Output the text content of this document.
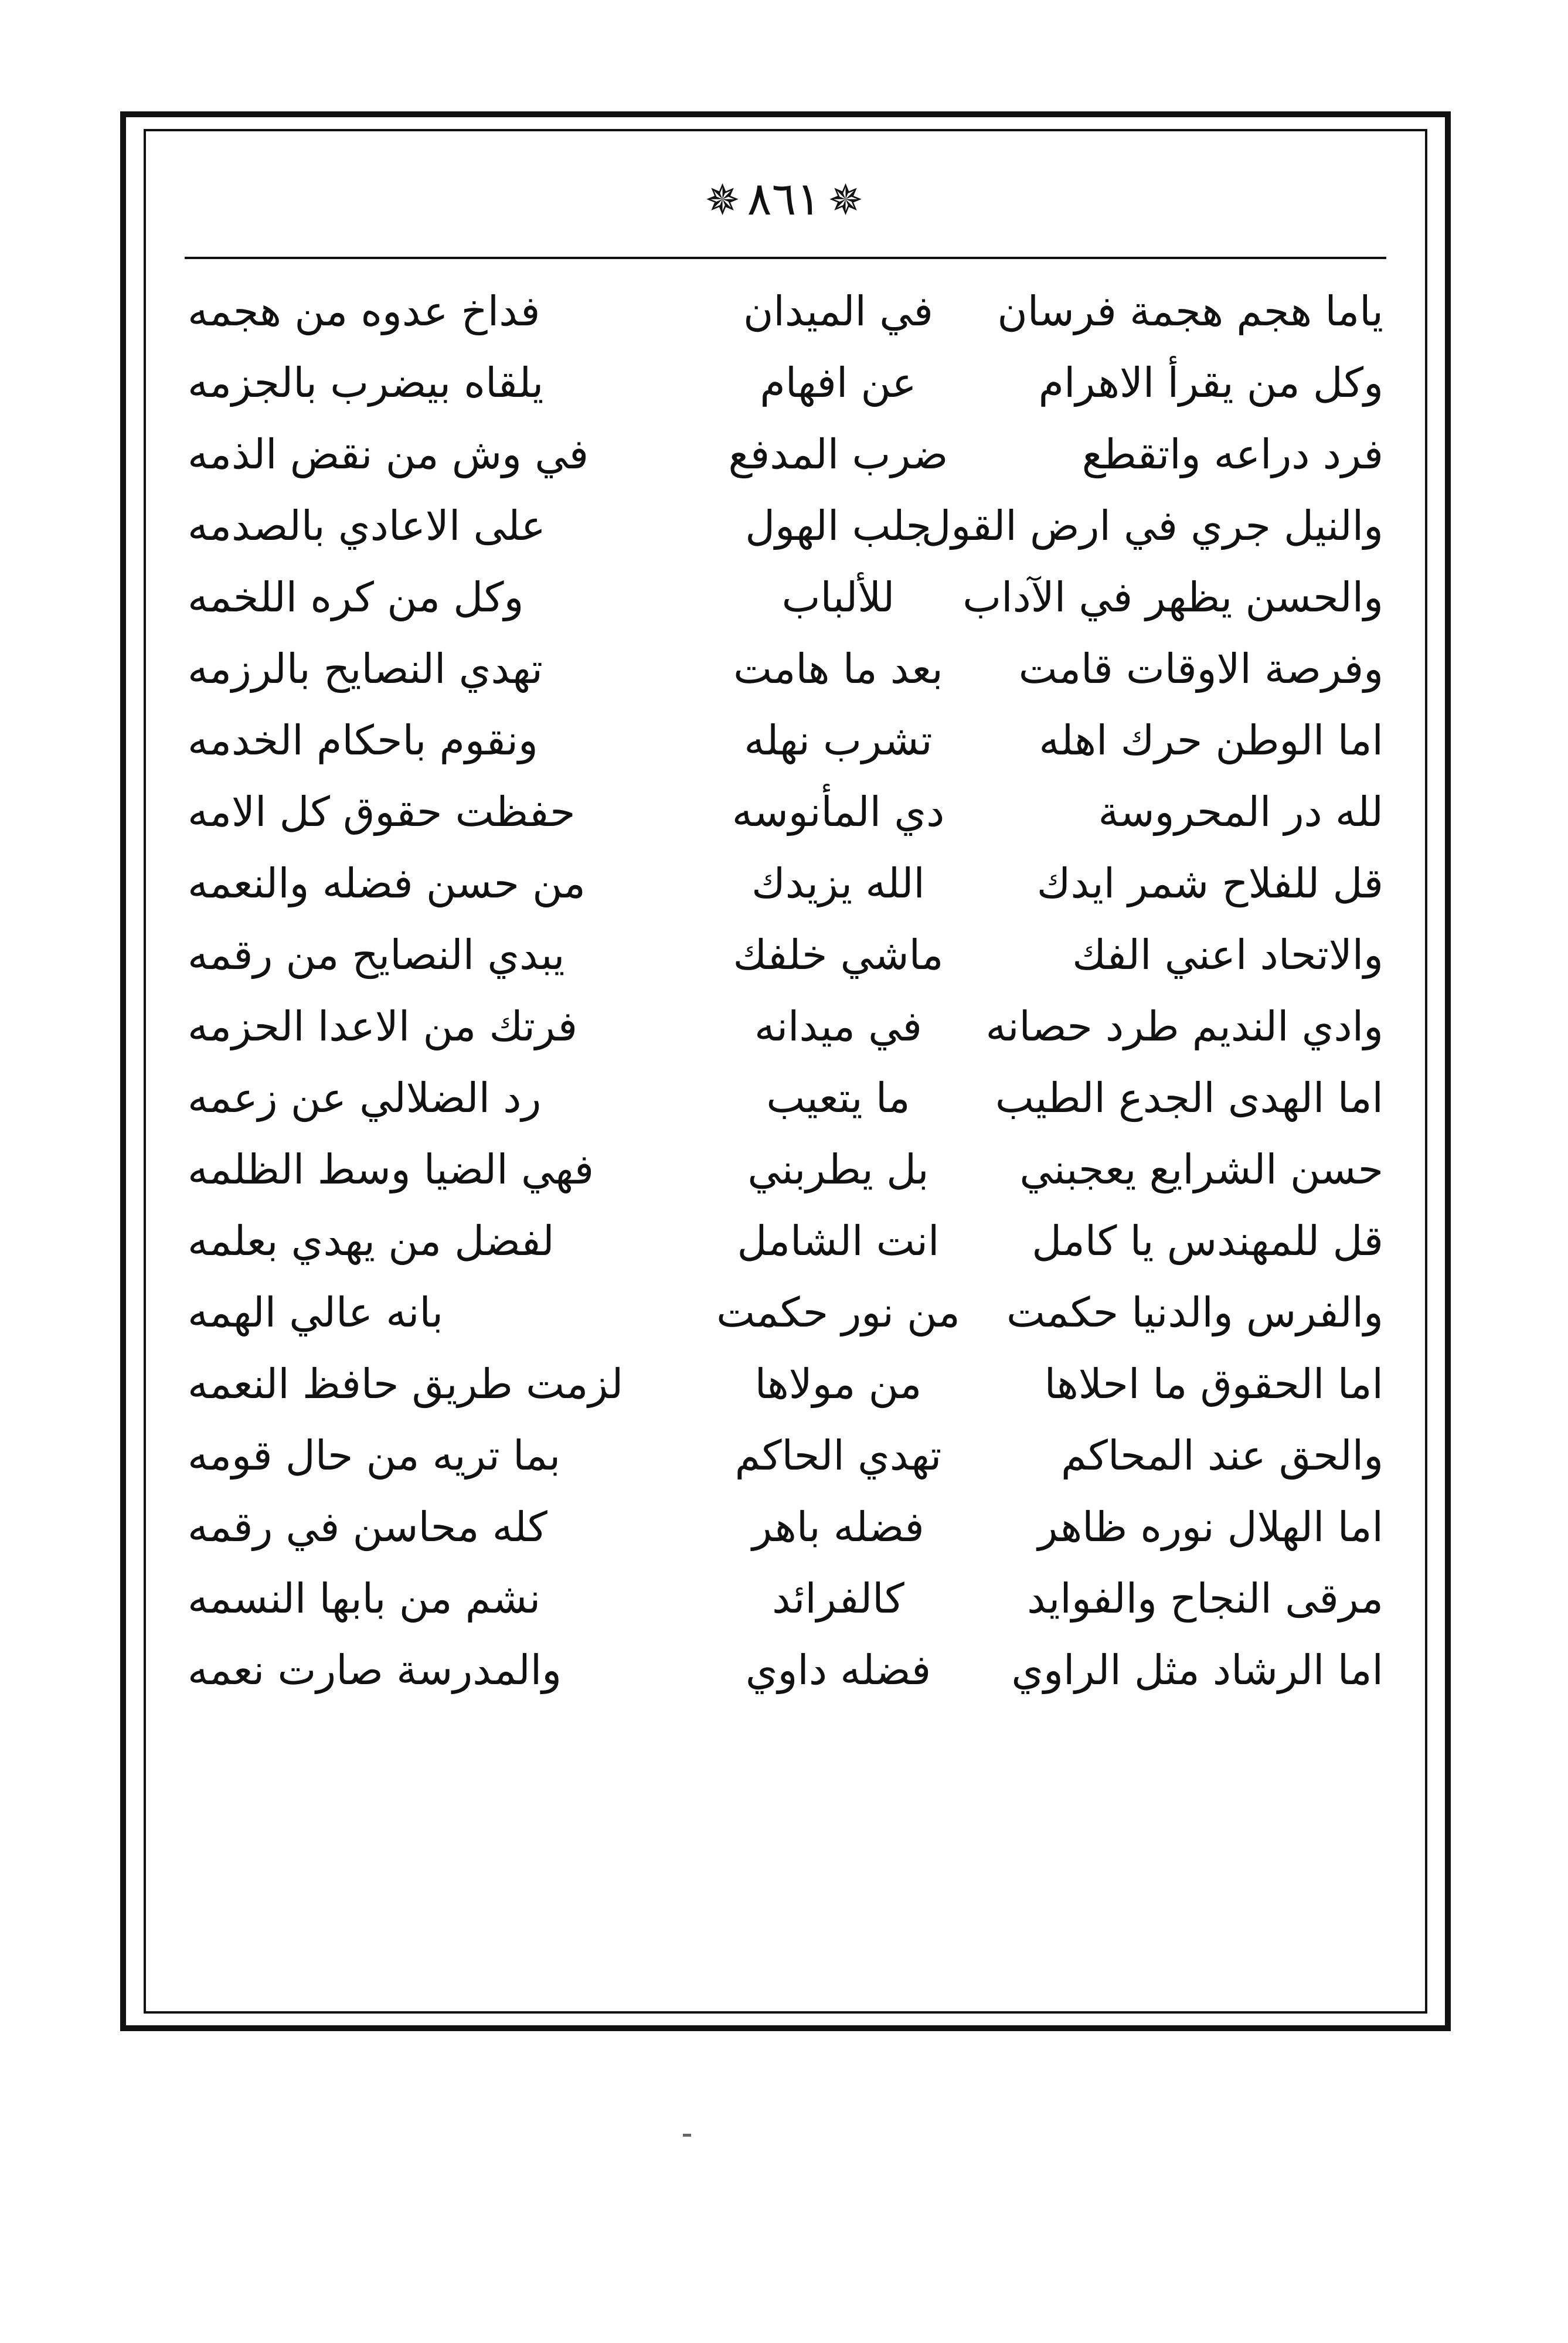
✵٨٦١✵
ياما هجم هجمة فرسان
في الميدان
فداخ عدوه من هجمه
وكل من يقرأ الاهرام
عن افهام
يلقاه بيضرب بالجزمه
فرد دراعه واتقطع
ضرب المدفع
في وش من نقض الذمه
والنيل جري في ارض القول
جلب الهول
على الاعادي بالصدمه
والحسن يظهر في الآداب
للألباب
وكل من كره اللخمه
وفرصة الاوقات قامت
بعد ما هامت
تهدي النصايح بالرزمه
اما الوطن حرك اهله
تشرب نهله
ونقوم باحكام الخدمه
لله در المحروسة
دي المأنوسه
حفظت حقوق كل الامه
قل للفلاح شمر ايدك
الله يزيدك
من حسن فضله والنعمه
والاتحاد اعني الفك
ماشي خلفك
يبدي النصايح من رقمه
وادي النديم طرد حصانه
في ميدانه
فرتك من الاعدا الحزمه
اما الهدى الجدع الطيب
ما يتعيب
رد الضلالي عن زعمه
حسن الشرايع يعجبني
بل يطربني
فهي الضيا وسط الظلمه
قل للمهندس يا كامل
انت الشامل
لفضل من يهدي بعلمه
والفرس والدنيا حكمت
من نور حكمت
بانه عالي الهمه
اما الحقوق ما احلاها
من مولاها
لزمت طريق حافظ النعمه
والحق عند المحاكم
تهدي الحاكم
بما تريه من حال قومه
اما الهلال نوره ظاهر
فضله باهر
كله محاسن في رقمه
مرقى النجاح والفوايد
كالفرائد
نشم من بابها النسمه
اما الرشاد مثل الراوي
فضله داوي
والمدرسة صارت نعمه
